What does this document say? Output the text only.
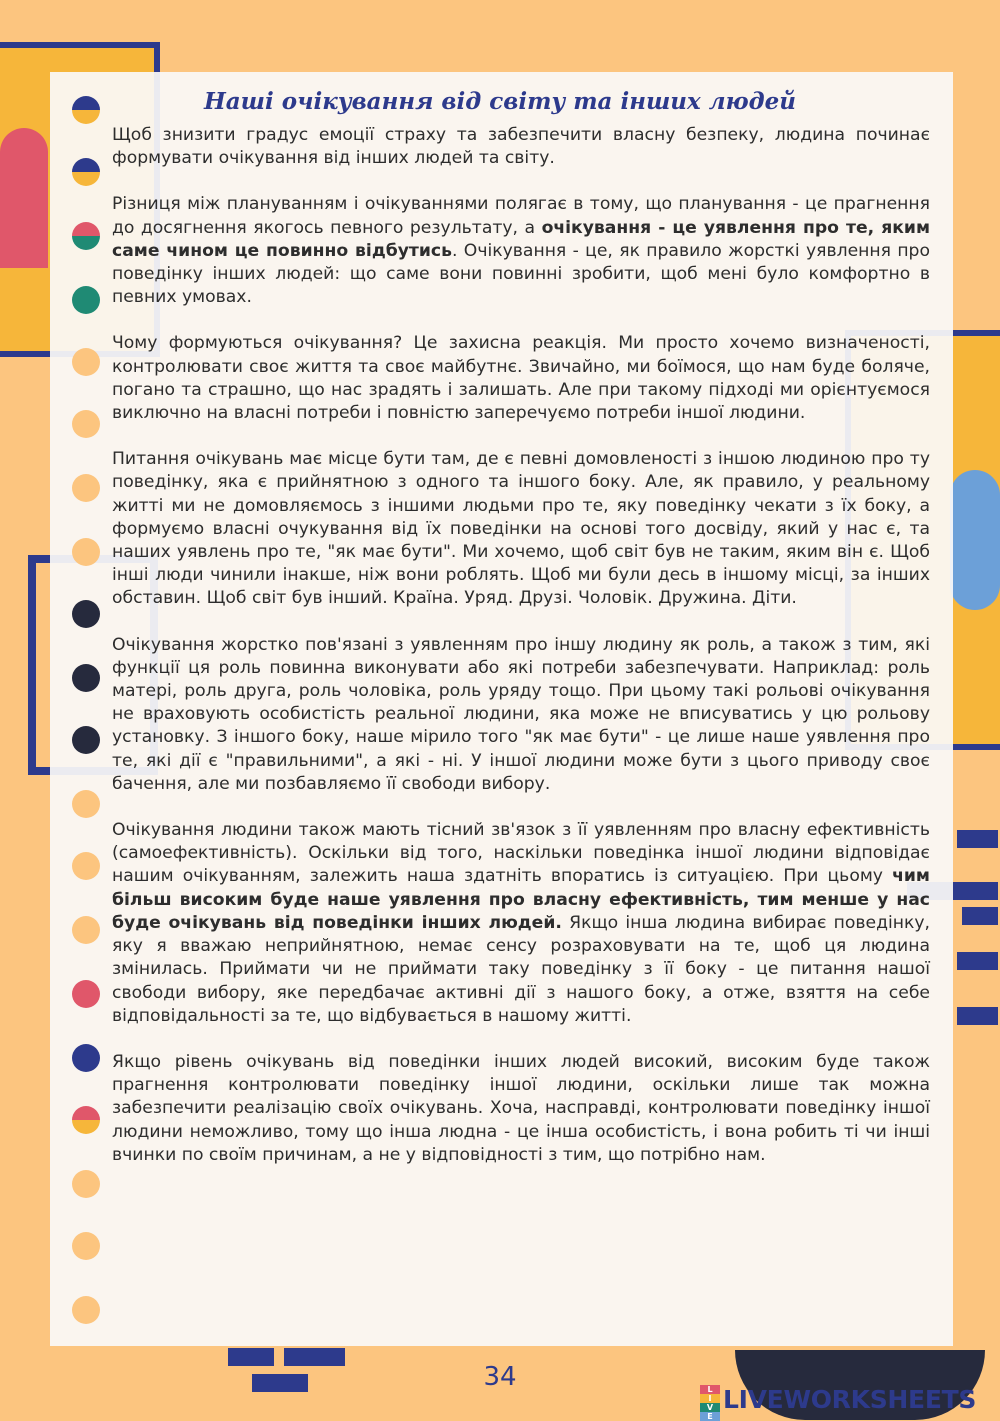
Наші очікування від світу та інших людей

Щоб знизити градус емоції страху та забезпечити власну безпеку, людина починає формувати очікування від інших людей та світу.

Різниця між плануванням і очікуваннями полягає в тому, що планування - це прагнення до досягнення якогось певного результату, а очікування - це уявлення про те, яким саме чином це повинно відбутись. Очікування - це, як правило жорсткі уявлення про поведінку інших людей: що саме вони повинні зробити, щоб мені було комфортно в певних умовах.

Чому формуються очікування? Це захисна реакція. Ми просто хочемо визначеності, контролювати своє життя та своє майбутнє. Звичайно, ми боїмося, що нам буде боляче, погано та страшно, що нас зрадять і залишать. Але при такому підході ми орієнтуємося виключно на власні потреби і повністю заперечуємо потреби іншої людини.

Питання очікувань має місце бути там, де є певні домовленості з іншою людиною про ту поведінку, яка є прийнятною з одного та іншого боку. Але, як правило, у реальному житті ми не домовляємось з іншими людьми про те, яку поведінку чекати з їх боку, а формуємо власні очукування від їх поведінки на основі того досвіду, який у нас є, та наших уявлень про те, "як має бути". Ми хочемо, щоб світ був не таким, яким він є. Щоб інші люди чинили інакше, ніж вони роблять. Щоб ми були десь в іншому місці, за інших обставин. Щоб світ був інший. Країна. Уряд. Друзі. Чоловік. Дружина. Діти.

Очікування жорстко пов'язані з уявленням про іншу людину як роль, а також з тим, які функції ця роль повинна виконувати або які потреби забезпечувати. Наприклад: роль матері, роль друга, роль чоловіка, роль уряду тощо. При цьому такі рольові очікування не враховують особистість реальної людини, яка може не вписуватись у цю рольову установку. З іншого боку, наше мірило того "як має бути" - це лише наше уявлення про те, які дії є "правильними", а які - ні. У іншої людини може бути з цього приводу своє бачення, але ми позбавляємо її свободи вибору.

Очікування людини також мають тісний зв'язок з її уявленням про власну ефективність (самоефективність). Оскільки від того, наскільки поведінка іншої людини відповідає нашим очікуванням, залежить наша здатніть впоратись із ситуацією. При цьому чим більш високим буде наше уявлення про власну ефективність, тим менше у нас буде очікувань від поведінки інших людей. Якщо інша людина вибирає поведінку, яку я вважаю неприйнятною, немає сенсу розраховувати на те, щоб ця людина змінилась. Приймати чи не приймати таку поведінку з її боку - це питання нашої свободи вибору, яке передбачає активні дії з нашого боку, а отже, взяття на себе відповідальності за те, що відбувається в нашому житті.

Якщо рівень очікувань від поведінки інших людей високий, високим буде також прагнення контролювати поведінку іншої людини, оскільки лише так можна забезпечити реалізацію своїх очікувань. Хоча, насправді, контролювати поведінку іншої людини неможливо, тому що інша людна - це інша особистість, і вона робить ті чи інші вчинки по своїм причинам, а не у відповідності з тим, що потрібно нам.

34	L
I
V
E
LIVEWORKSHEETS
